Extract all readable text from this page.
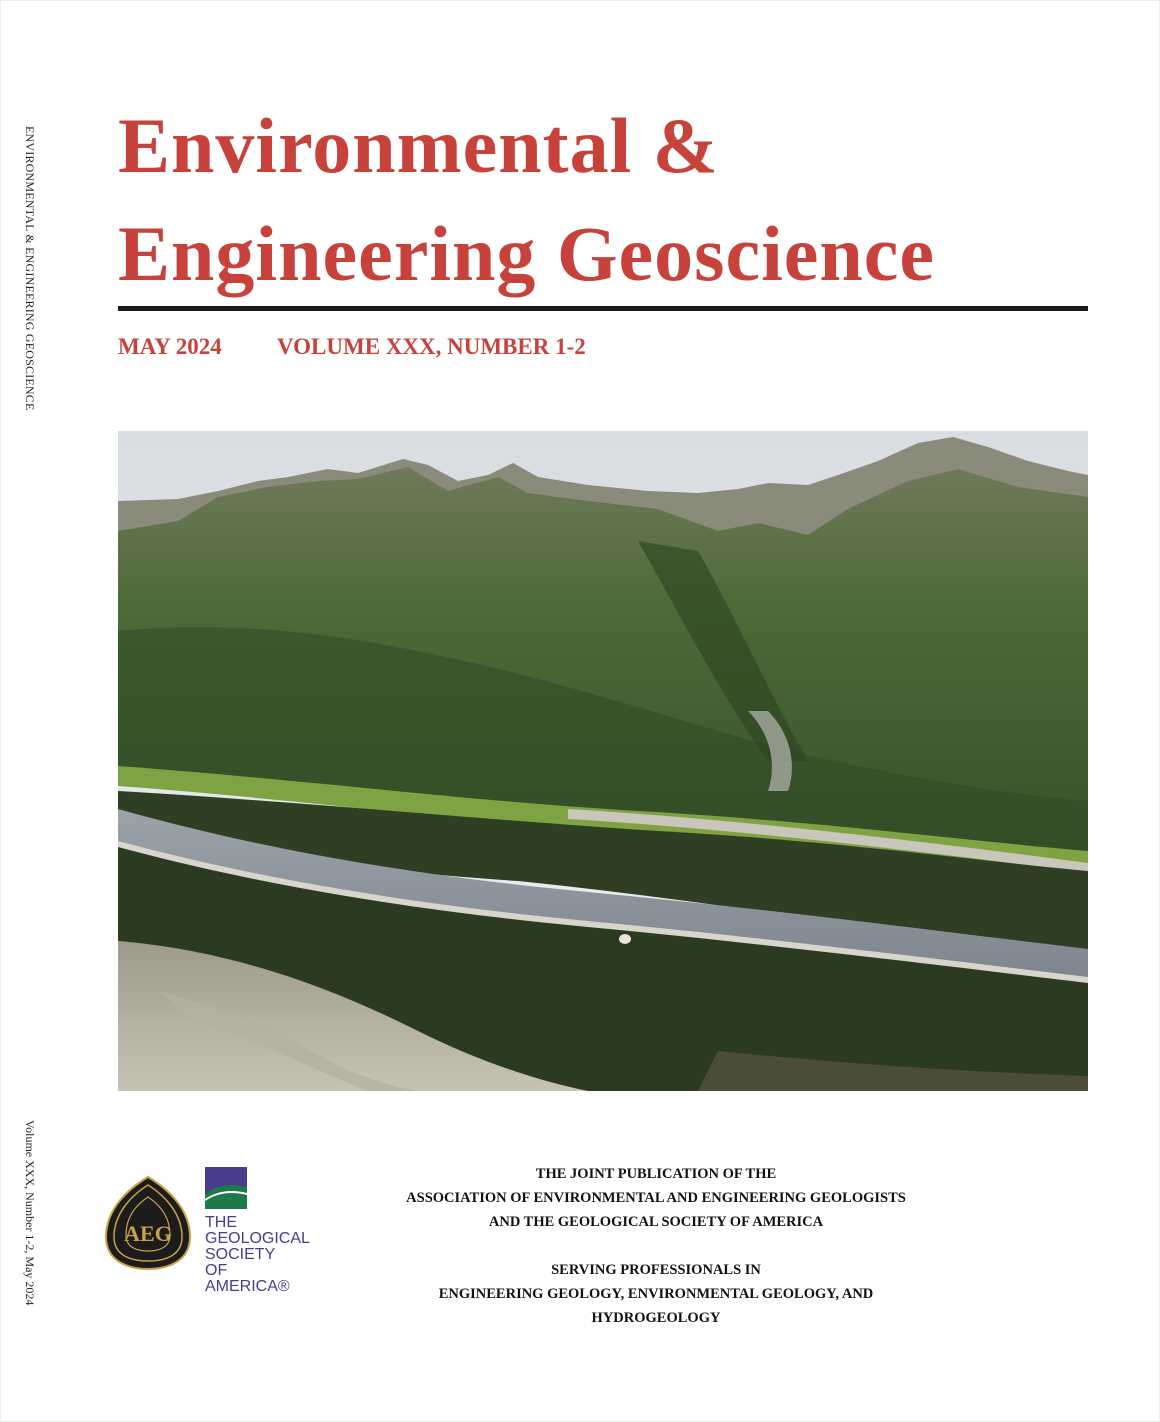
ENVIRONMENTAL & ENGINEERING GEOSCIENCE
Volume XXX, Number 1-2, May 2024
Environmental &
Engineering Geoscience
MAY 2024 VOLUME XXX, NUMBER 1-2
AEG THE
GEOLOGICAL
SOCIETY
OF AMERICA®
THE JOINT PUBLICATION OF THE
ASSOCIATION OF ENVIRONMENTAL AND ENGINEERING GEOLOGISTS
AND THE GEOLOGICAL SOCIETY OF AMERICA
SERVING PROFESSIONALS IN
ENGINEERING GEOLOGY, ENVIRONMENTAL GEOLOGY, AND HYDROGEOLOGY
